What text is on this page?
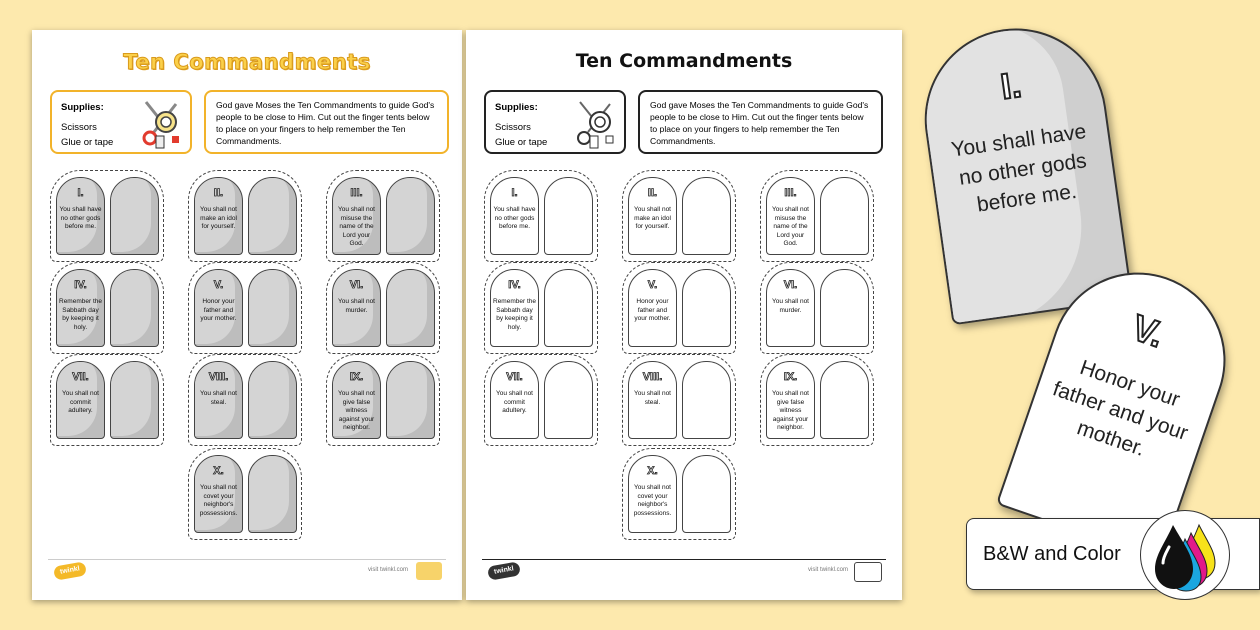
Ten Commandments
Supplies:
Scissors
Glue or tape
God gave Moses the Ten Commandments to guide God's people to be close to Him. Cut out the finger tents below to place on your fingers to help remember the Ten Commandments.
I.
You shall have no other gods before me.
II.
You shall not make an idol for yourself.
III.
You shall not misuse the name of the Lord your God.
IV.
Remember the Sabbath day by keeping it holy.
V.
Honor your father and your mother.
VI.
You shall not murder.
VII.
You shall not commit adultery.
VIII.
You shall not steal.
IX.
You shall not give false witness against your neighbor.
X.
You shall not covet your neighbor's possessions.
twinkl	visit twinkl.com
Ten Commandments
Supplies:
Scissors
Glue or tape
God gave Moses the Ten Commandments to guide God's people to be close to Him. Cut out the finger tents below to place on your fingers to help remember the Ten Commandments.
I.
You shall have no other gods before me.
II.
You shall not make an idol for yourself.
III.
You shall not misuse the name of the Lord your God.
IV.
Remember the Sabbath day by keeping it holy.
V.
Honor your father and your mother.
VI.
You shall not murder.
VII.
You shall not commit adultery.
VIII.
You shall not steal.
IX.
You shall not give false witness against your neighbor.
X.
You shall not covet your neighbor's possessions.
twinkl	visit twinkl.com
I.
You shall have no other gods before me.
V.
Honor your father and your mother.
B&W and Color
